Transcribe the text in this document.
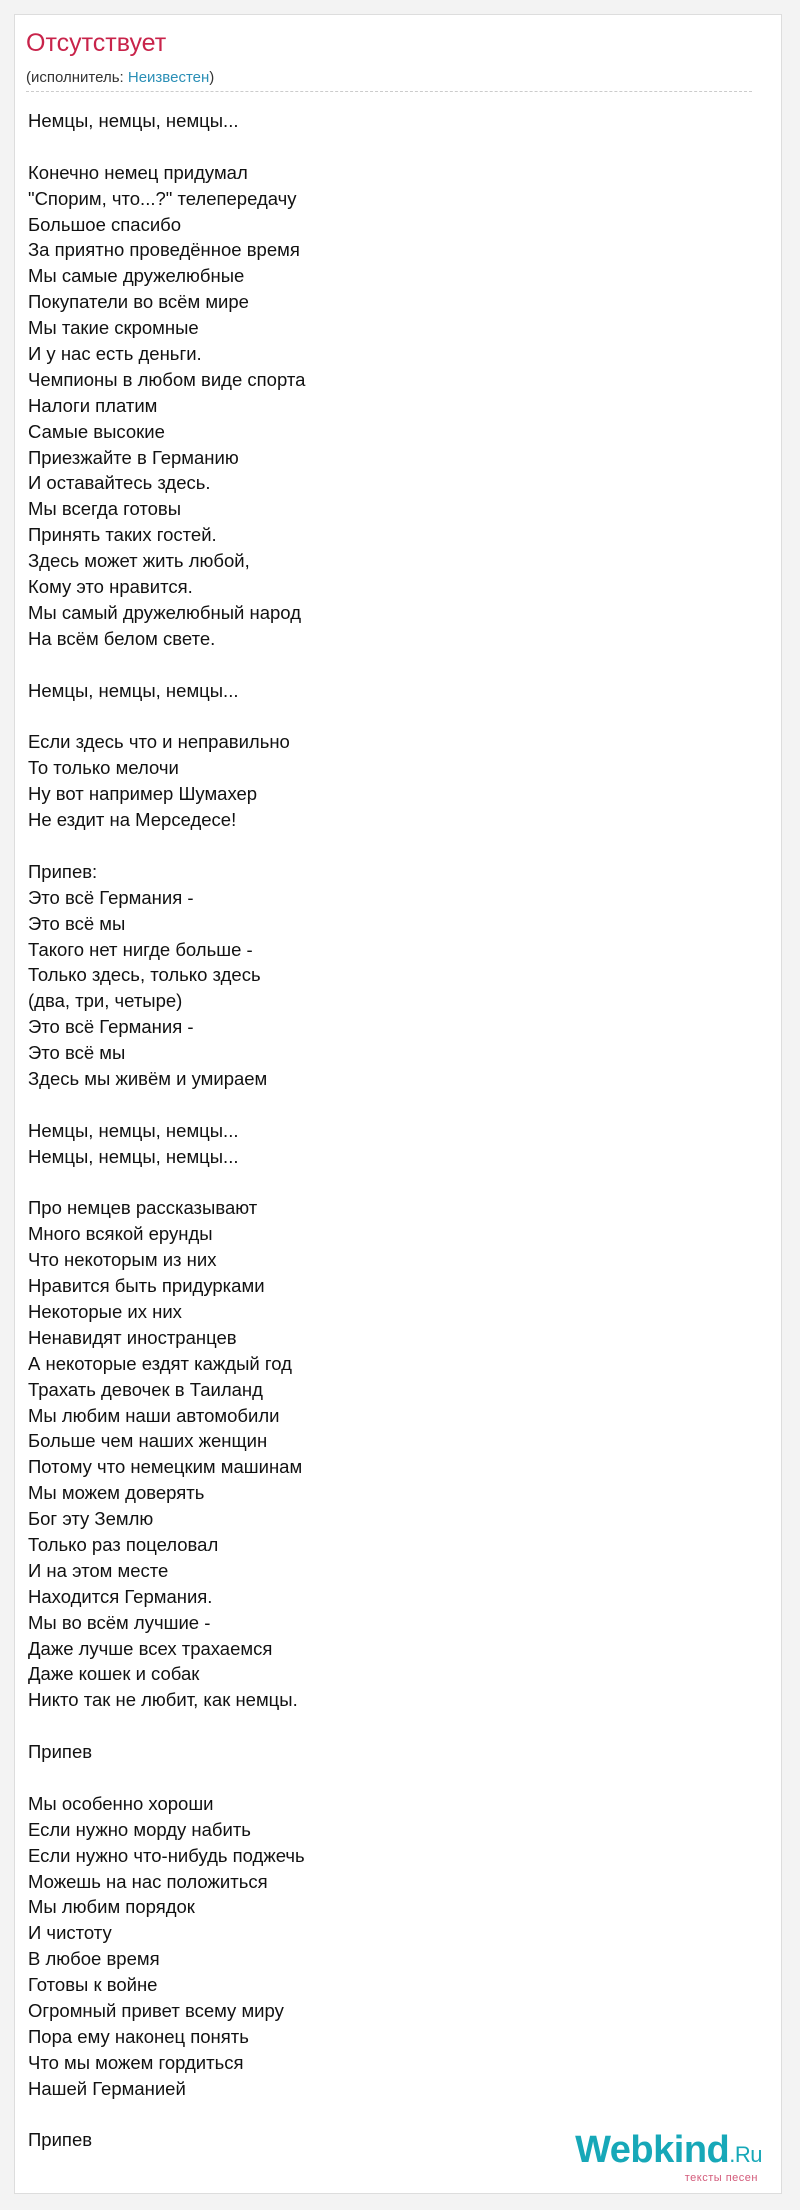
Отсутствует
(исполнитель: Неизвестен)
Немцы, немцы, немцы...
Конечно немец придумал
"Спорим, что...?" телепередачу
Большое спасибо
За приятно проведённое время
Мы самые дружелюбные
Покупатели во всём мире
Мы такие скромные
И у нас есть деньги.
Чемпионы в любом виде спорта
Налоги платим
Самые высокие
Приезжайте в Германию
И оставайтесь здесь.
Мы всегда готовы
Принять таких гостей.
Здесь может жить любой,
Кому это нравится.
Мы самый дружелюбный народ
На всём белом свете.
Немцы, немцы, немцы...
Если здесь что и неправильно
То только мелочи
Ну вот например Шумахер
Не ездит на Мерседесе!
Припев:
Это всё Германия -
Это всё мы
Такого нет нигде больше -
Только здесь, только здесь
(два, три, четыре)
Это всё Германия -
Это всё мы
Здесь мы живём и умираем
Немцы, немцы, немцы...
Немцы, немцы, немцы...
Про немцев рассказывают
Много всякой ерунды
Что некоторым из них
Нравится быть придурками
Некоторые их них
Ненавидят иностранцев
А некоторые ездят каждый год
Трахать девочек в Таиланд
Мы любим наши автомобили
Больше чем наших женщин
Потому что немецким машинам
Мы можем доверять
Бог эту Землю
Только раз поцеловал
И на этом месте
Находится Германия.
Мы во всём лучшие -
Даже лучше всех трахаемся
Даже кошек и собак
Никто так не любит, как немцы.
Припев
Мы особенно хороши
Если нужно морду набить
Если нужно что-нибудь поджечь
Можешь на нас положиться
Мы любим порядок
И чистоту
В любое время
Готовы к войне
Огромный привет всему миру
Пора ему наконец понять
Что мы можем гордиться
Нашей Германией
Припев	Webkind.Ru
тексты песен
